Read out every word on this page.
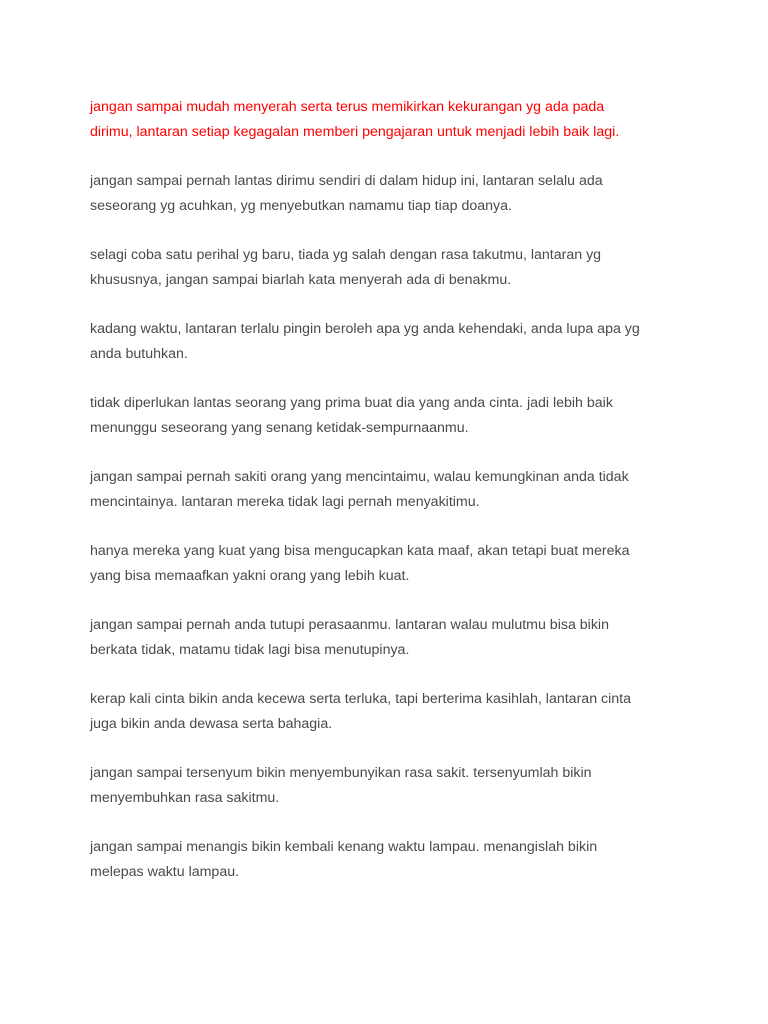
jangan sampai mudah menyerah serta terus memikirkan kekurangan yg ada pada
dirimu, lantaran setiap kegagalan memberi pengajaran untuk menjadi lebih baik lagi.

jangan sampai pernah lantas dirimu sendiri di dalam hidup ini, lantaran selalu ada
seseorang yg acuhkan, yg menyebutkan namamu tiap tiap doanya.

selagi coba satu perihal yg baru, tiada yg salah dengan rasa takutmu, lantaran yg
khususnya, jangan sampai biarlah kata menyerah ada di benakmu.

kadang waktu, lantaran terlalu pingin beroleh apa yg anda kehendaki, anda lupa apa yg
anda butuhkan.

tidak diperlukan lantas seorang yang prima buat dia yang anda cinta. jadi lebih baik
menunggu seseorang yang senang ketidak-sempurnaanmu.

jangan sampai pernah sakiti orang yang mencintaimu, walau kemungkinan anda tidak
mencintainya. lantaran mereka tidak lagi pernah menyakitimu.

hanya mereka yang kuat yang bisa mengucapkan kata maaf, akan tetapi buat mereka
yang bisa memaafkan yakni orang yang lebih kuat.

jangan sampai pernah anda tutupi perasaanmu. lantaran walau mulutmu bisa bikin
berkata tidak, matamu tidak lagi bisa menutupinya.

kerap kali cinta bikin anda kecewa serta terluka, tapi berterima kasihlah, lantaran cinta
juga bikin anda dewasa serta bahagia.

jangan sampai tersenyum bikin menyembunyikan rasa sakit. tersenyumlah bikin
menyembuhkan rasa sakitmu.

jangan sampai menangis bikin kembali kenang waktu lampau. menangislah bikin
melepas waktu lampau.
